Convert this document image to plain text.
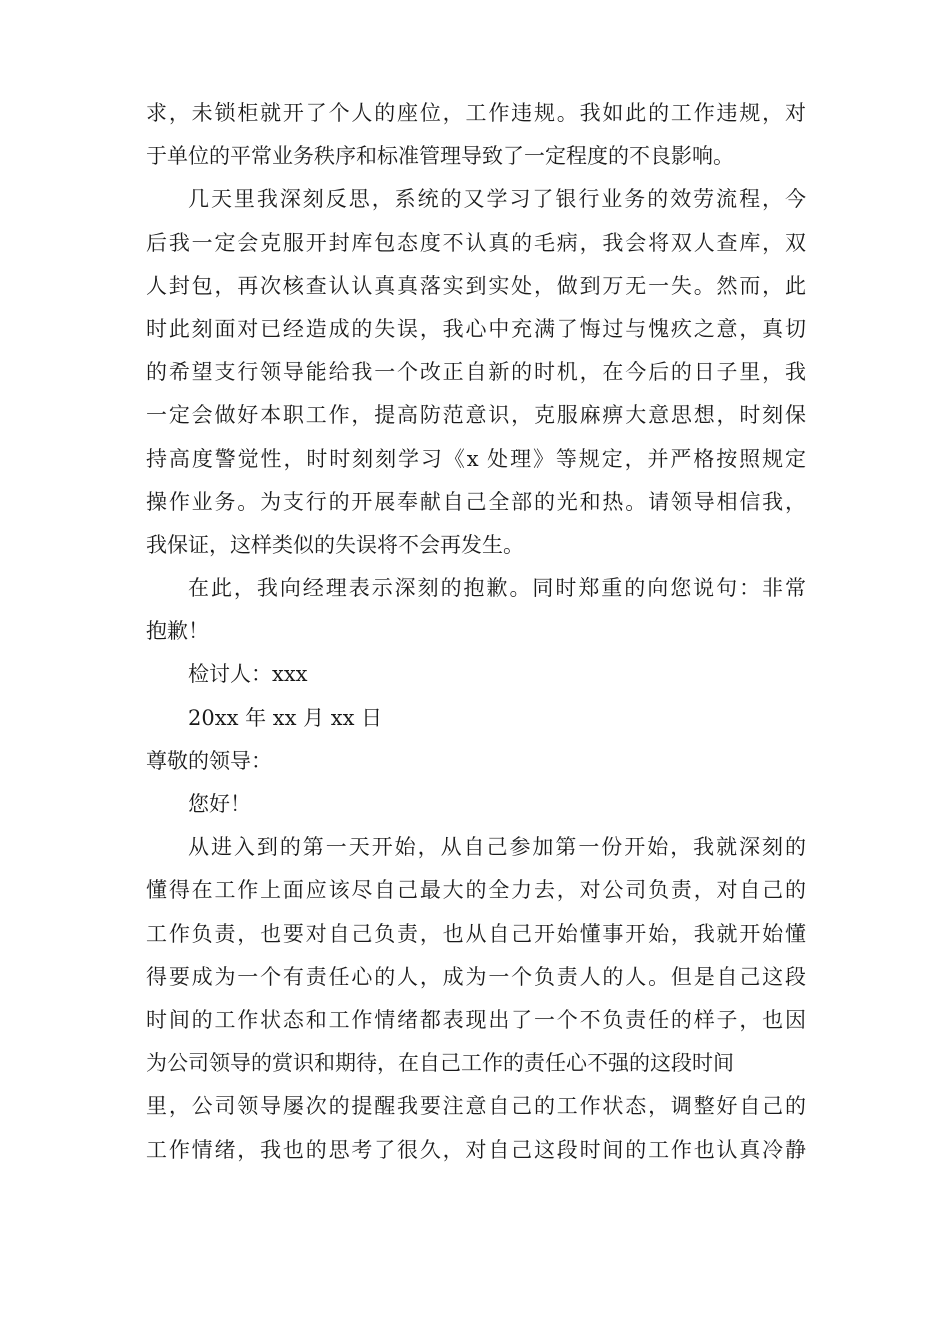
求，未锁柜就开了个人的座位，工作违规。我如此的工作违规，对
于单位的平常业务秩序和标准管理导致了一定程度的不良影响。
几天里我深刻反思，系统的又学习了银行业务的效劳流程，今
后我一定会克服开封库包态度不认真的毛病，我会将双人查库，双
人封包，再次核查认认真真落实到实处，做到万无一失。然而，此
时此刻面对已经造成的失误，我心中充满了悔过与愧疚之意，真切
的希望支行领导能给我一个改正自新的时机，在今后的日子里，我
一定会做好本职工作，提高防范意识，克服麻痹大意思想，时刻保
持高度警觉性，时时刻刻学习《x 处理》等规定，并严格按照规定
操作业务。为支行的开展奉献自己全部的光和热。请领导相信我，
我保证，这样类似的失误将不会再发生。
在此，我向经理表示深刻的抱歉。同时郑重的向您说句：非常
抱歉！
检讨人：xxx
20xx 年 xx 月 xx 日
尊敬的领导：
您好！
从进入到的第一天开始，从自己参加第一份开始，我就深刻的
懂得在工作上面应该尽自己最大的全力去，对公司负责，对自己的
工作负责，也要对自己负责，也从自己开始懂事开始，我就开始懂
得要成为一个有责任心的人，成为一个负责人的人。但是自己这段
时间的工作状态和工作情绪都表现出了一个不负责任的样子，也因
为公司领导的赏识和期待，在自己工作的责任心不强的这段时间
里，公司领导屡次的提醒我要注意自己的工作状态，调整好自己的
工作情绪，我也的思考了很久，对自己这段时间的工作也认真冷静
